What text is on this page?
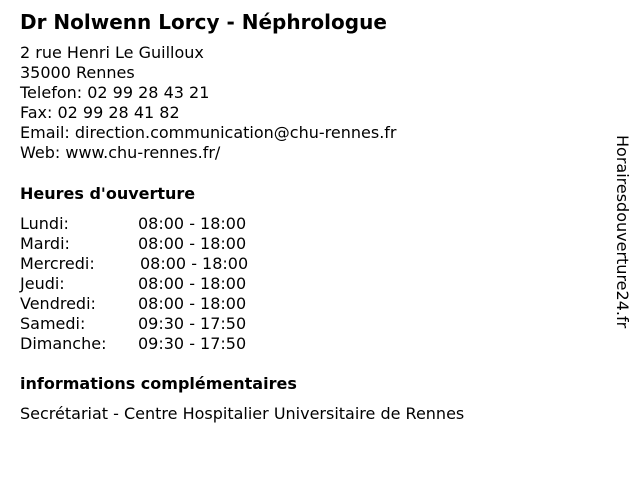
Dr Nolwenn Lorcy - Néphrologue
2 rue Henri Le Guilloux
35000 Rennes
Telefon: 02 99 28 43 21
Fax: 02 99 28 41 82
Email: direction.communication@chu-rennes.fr
Web: www.chu-rennes.fr/
Heures d'ouverture
Lundi:	08:00 - 18:00
Mardi:	08:00 - 18:00
Mercredi:	08:00 - 18:00
Jeudi:	08:00 - 18:00
Vendredi:	08:00 - 18:00
Samedi:	09:30 - 17:50
Dimanche: 09:30 - 17:50
informations complémentaires
Secrétariat - Centre Hospitalier Universitaire de Rennes
Horairesdouverture24.fr
